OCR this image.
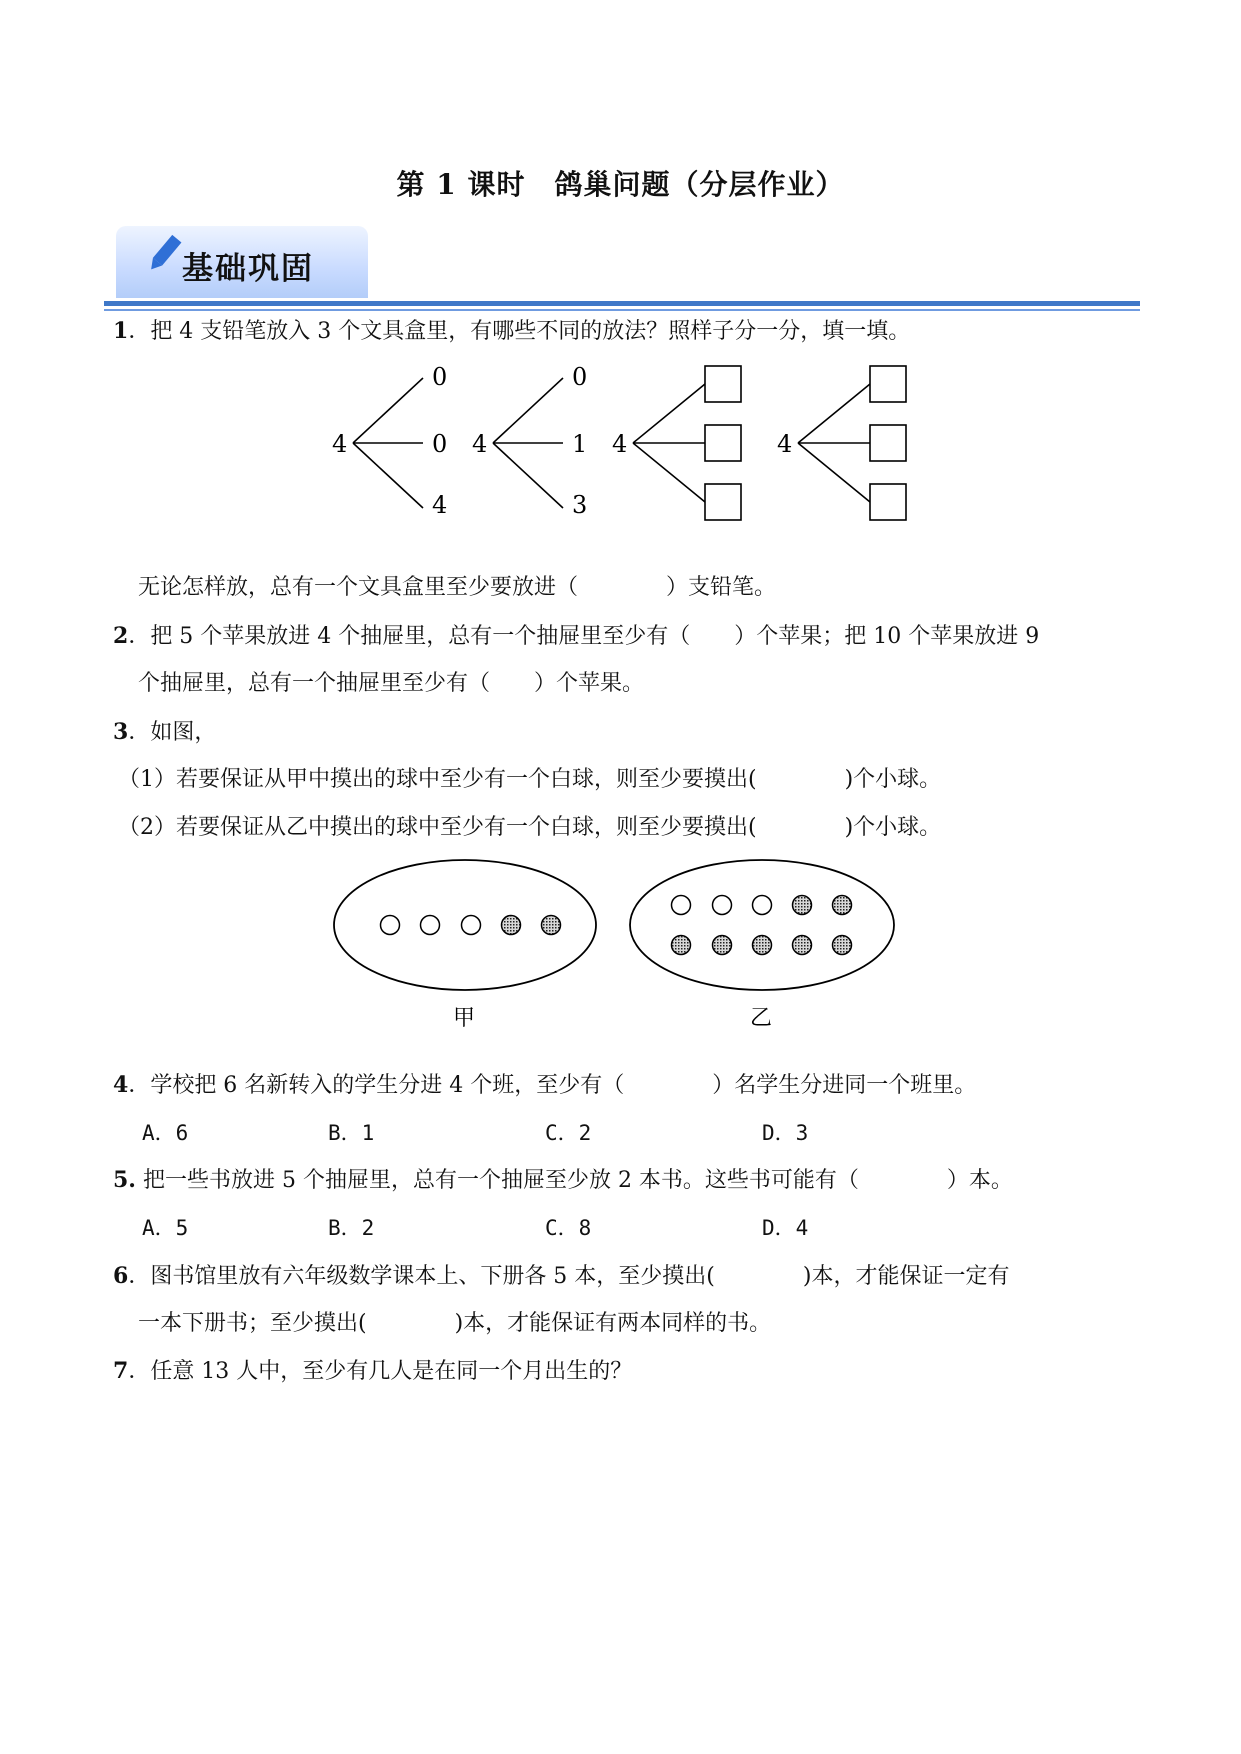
第 1 课时　鸽巢问题（分层作业）
基础巩固
1．把 4 支铅笔放入 3 个文具盒里，有哪些不同的放法？照样子分一分，填一填。
4
0
0
4
4
0
1
3
4	4
无论怎样放，总有一个文具盒里至少要放进（　　　　）支铅笔。
2．把 5 个苹果放进 4 个抽屉里，总有一个抽屉里至少有（　　）个苹果；把 10 个苹果放进 9
个抽屉里，总有一个抽屉里至少有（　　）个苹果。
3．如图，
（1）若要保证从甲中摸出的球中至少有一个白球，则至少要摸出(　　　　)个小球。
（2）若要保证从乙中摸出的球中至少有一个白球，则至少要摸出(　　　　)个小球。
甲	乙
4．学校把 6 名新转入的学生分进 4 个班，至少有（　　　　）名学生分进同一个班里。
A．6	B．1	C．2	D．3
5. 把一些书放进 5 个抽屉里，总有一个抽屉至少放 2 本书。这些书可能有（　　　　）本。
A．5	B．2	C．8	D．4
6．图书馆里放有六年级数学课本上、下册各 5 本，至少摸出(　　　　)本，才能保证一定有
一本下册书；至少摸出(　　　　)本，才能保证有两本同样的书。
7．任意 13 人中，至少有几人是在同一个月出生的？
